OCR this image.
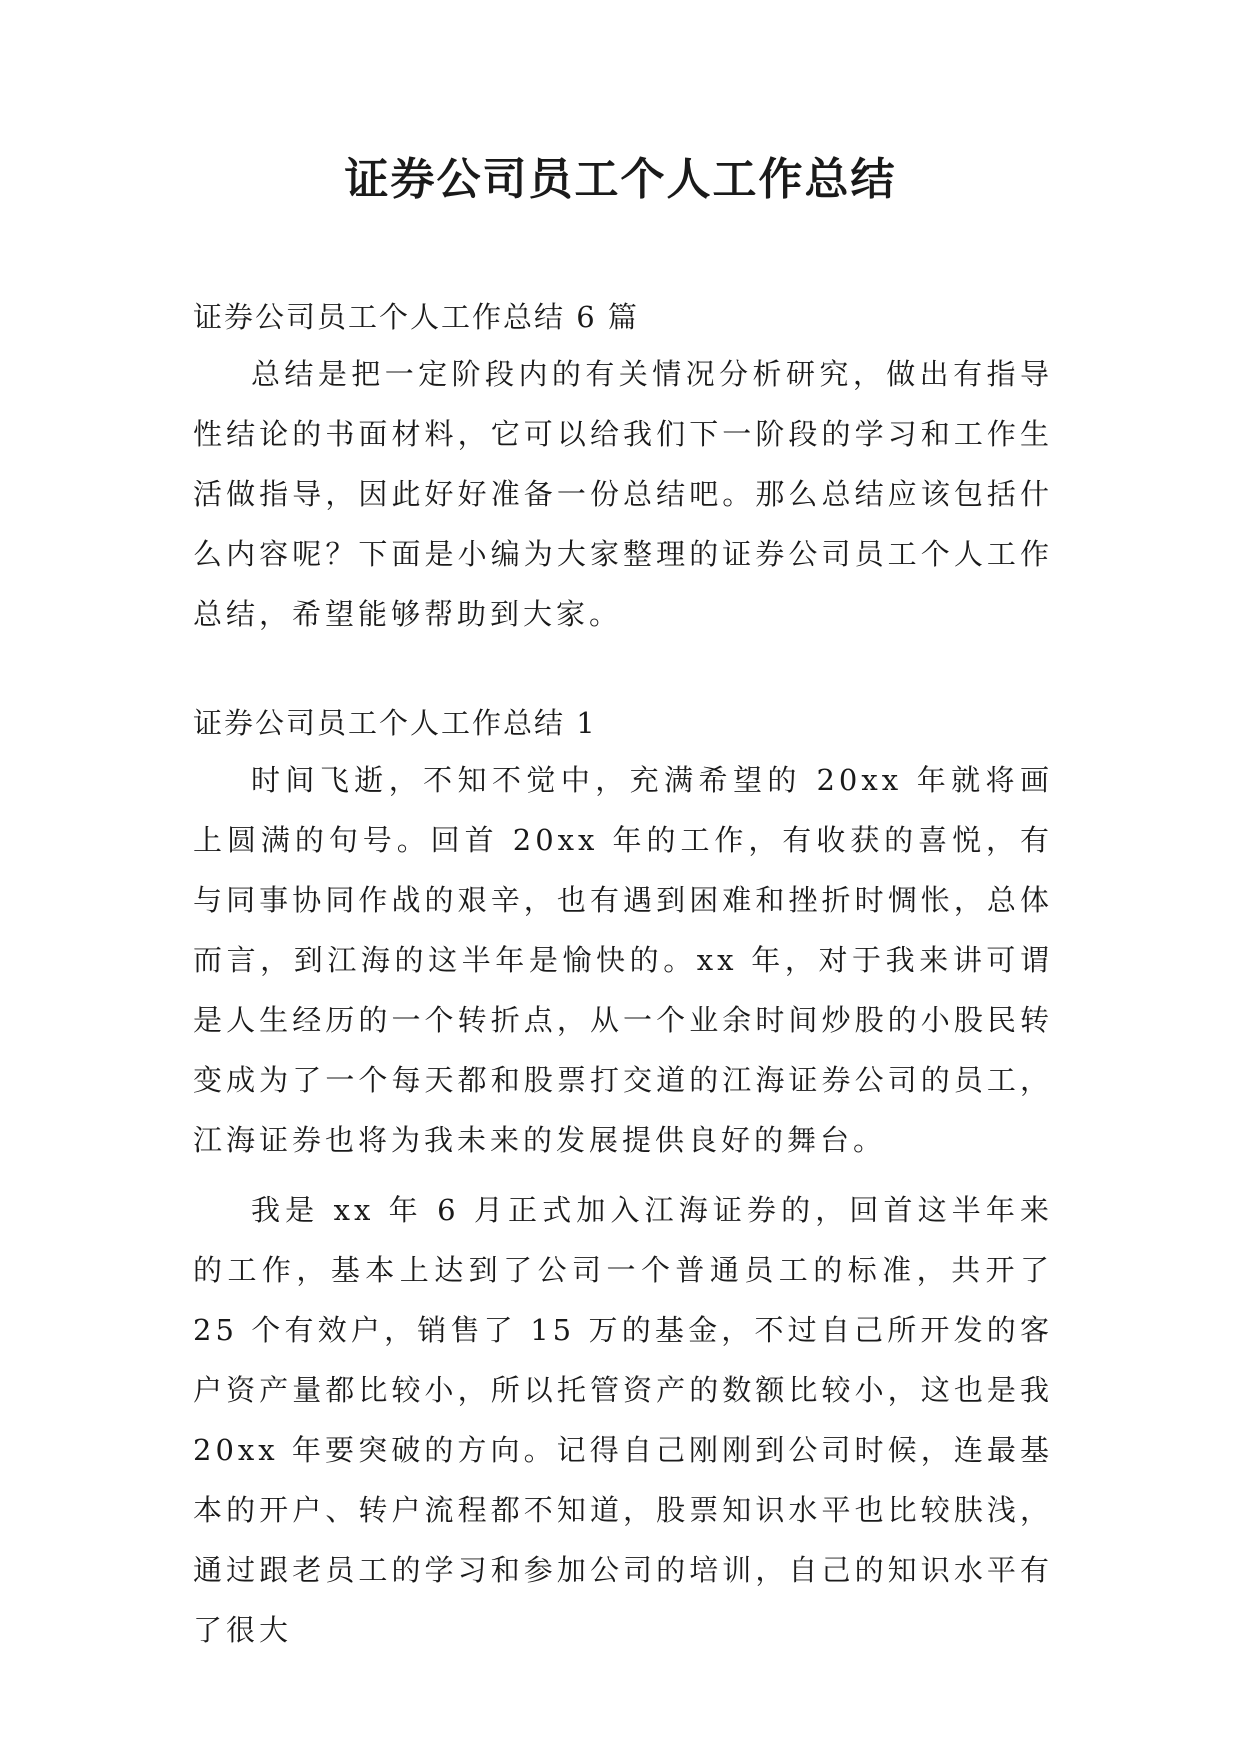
证券公司员工个人工作总结

证券公司员工个人工作总结 6 篇

总结是把一定阶段内的有关情况分析研究，做出有指导性结论的书面材料，它可以给我们下一阶段的学习和工作生活做指导，因此好好准备一份总结吧。那么总结应该包括什么内容呢？下面是小编为大家整理的证券公司员工个人工作总结，希望能够帮助到大家。

证券公司员工个人工作总结 1

时间飞逝，不知不觉中，充满希望的 20xx 年就将画上圆满的句号。回首 20xx 年的工作，有收获的喜悦，有与同事协同作战的艰辛，也有遇到困难和挫折时惆怅，总体而言，到江海的这半年是愉快的。xx 年，对于我来讲可谓是人生经历的一个转折点，从一个业余时间炒股的小股民转变成为了一个每天都和股票打交道的江海证券公司的员工，江海证券也将为我未来的发展提供良好的舞台。

我是 xx 年 6 月正式加入江海证券的，回首这半年来的工作，基本上达到了公司一个普通员工的标准，共开了 25 个有效户，销售了 15 万的基金，不过自己所开发的客户资产量都比较小，所以托管资产的数额比较小，这也是我 20xx 年要突破的方向。记得自己刚刚到公司时候，连最基本的开户、转户流程都不知道，股票知识水平也比较肤浅，通过跟老员工的学习和参加公司的培训，自己的知识水平有了很大
